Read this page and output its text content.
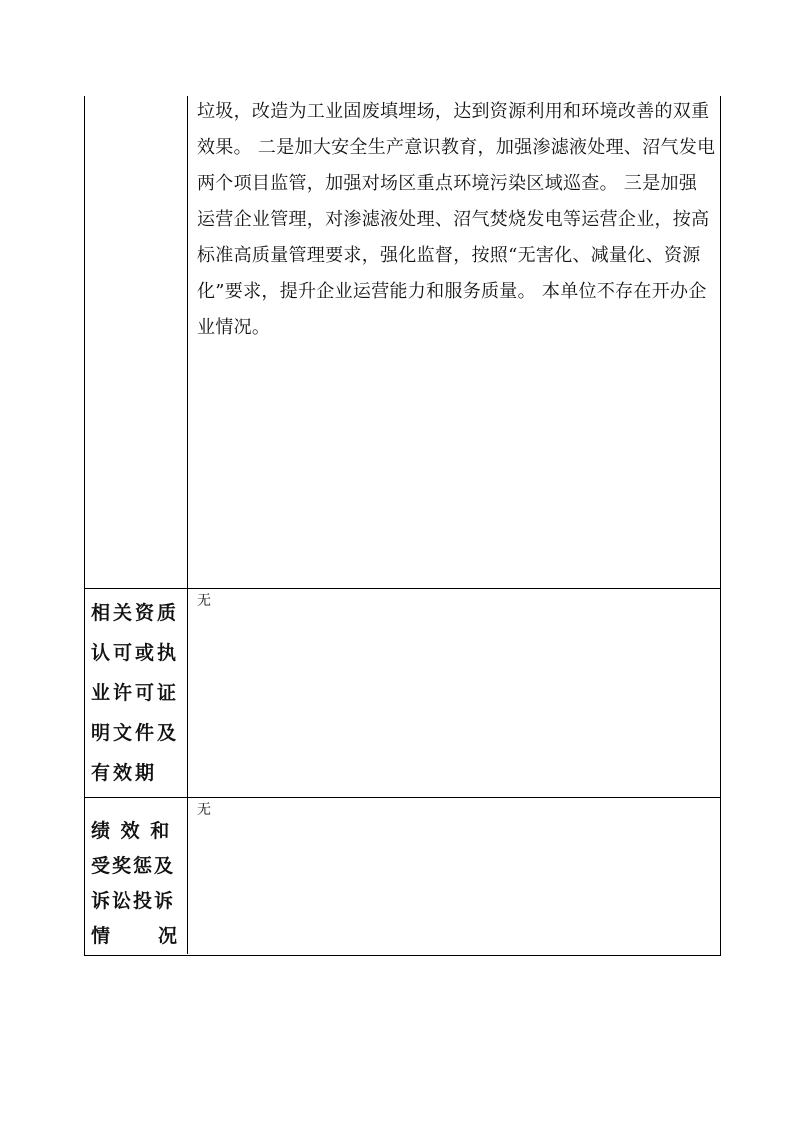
垃圾，改造为工业固废填埋场，达到资源利用和环境改善的双重
效果。 二是加大安全生产意识教育，加强渗滤液处理、沼气发电
两个项目监管，加强对场区重点环境污染区域巡查。 三是加强
运营企业管理，对渗滤液处理、沼气焚烧发电等运营企业，按高
标准高质量管理要求，强化监督，按照“无害化、减量化、资源
化”要求，提升企业运营能力和服务质量。 本单位不存在开办企
业情况。
相关资质
认可或执
业许可证
明文件及
有效期

无

绩 效 和
受奖惩及
诉讼投诉
情 况

无
